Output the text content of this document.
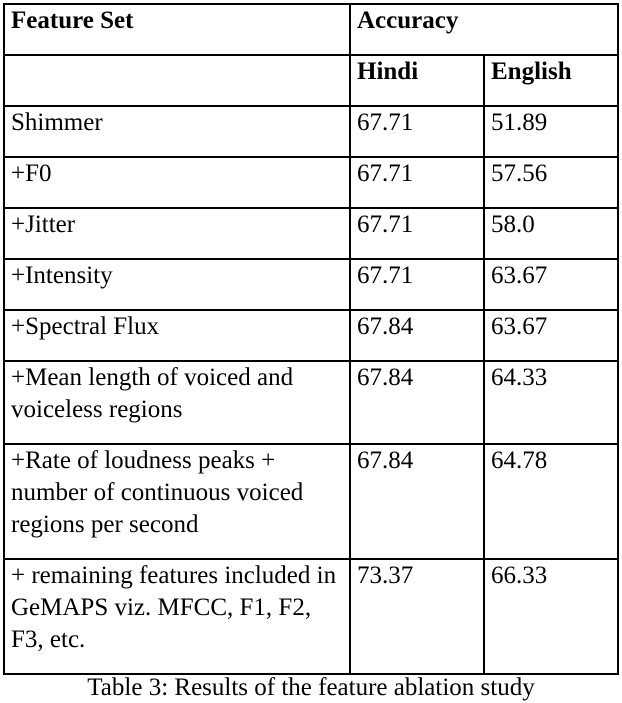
Feature Set	Accuracy	
	Hindi	English
Shimmer	67.71	51.89
+F0	67.71	57.56
+Jitter	67.71	58.0
+Intensity	67.71	63.67
+Spectral Flux	67.84	63.67
+Mean length of voiced and voiceless regions	67.84	64.33
+Rate of loudness peaks + number of continuous voiced regions per second	67.84	64.78
+ remaining features included in GeMAPS viz. MFCC, F1, F2, F3, etc.	73.37	66.33
Table 3: Results of the feature ablation study
